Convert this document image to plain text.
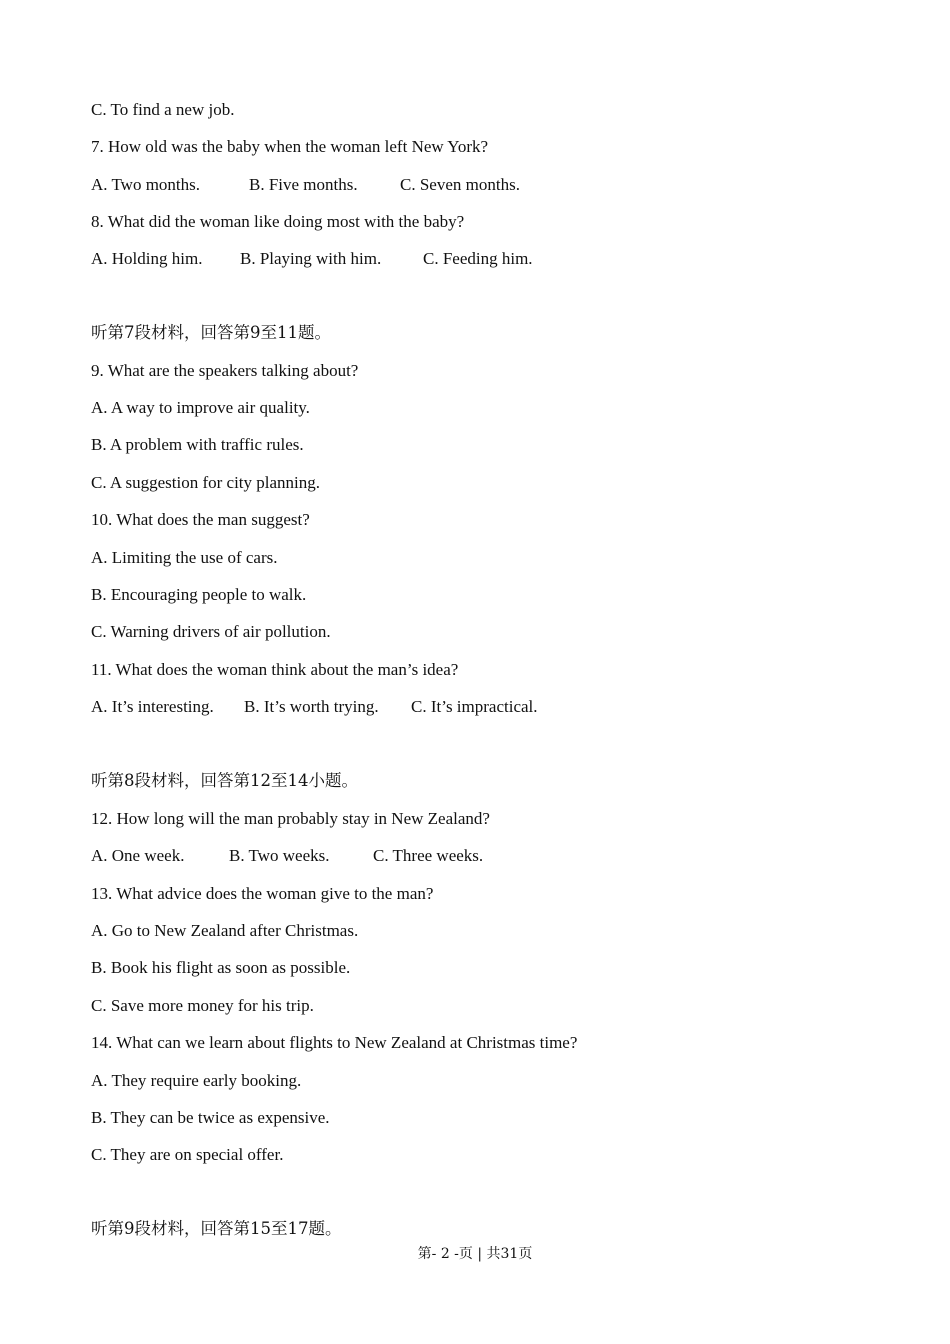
C. To find a new job.

7. How old was the baby when the woman left New York?

A. Two months.	B. Five months. C. Seven months.

8. What did the woman like doing most with the baby?

A. Holding him. B. Playing with him. C. Feeding him.

听第7段材料，回答第9至11题。

9. What are the speakers talking about?

A. A way to improve air quality.

B. A problem with traffic rules.

C. A suggestion for city planning.

10. What does the man suggest?

A. Limiting the use of cars.

B. Encouraging people to walk.

C. Warning drivers of air pollution.

11. What does the woman think about the man’s idea?

A. It’s interesting. B. It’s worth trying. C. It’s impractical.

听第8段材料，回答第12至14小题。

12. How long will the man probably stay in New Zealand?

A. One week.	B. Two weeks.	C. Three weeks.

13. What advice does the woman give to the man?

A. Go to New Zealand after Christmas.

B. Book his flight as soon as possible.

C. Save more money for his trip.

14. What can we learn about flights to New Zealand at Christmas time?

A. They require early booking.

B. They can be twice as expensive.

C. They are on special offer.

听第9段材料，回答第15至17题。

第- 2 -页 | 共31页
